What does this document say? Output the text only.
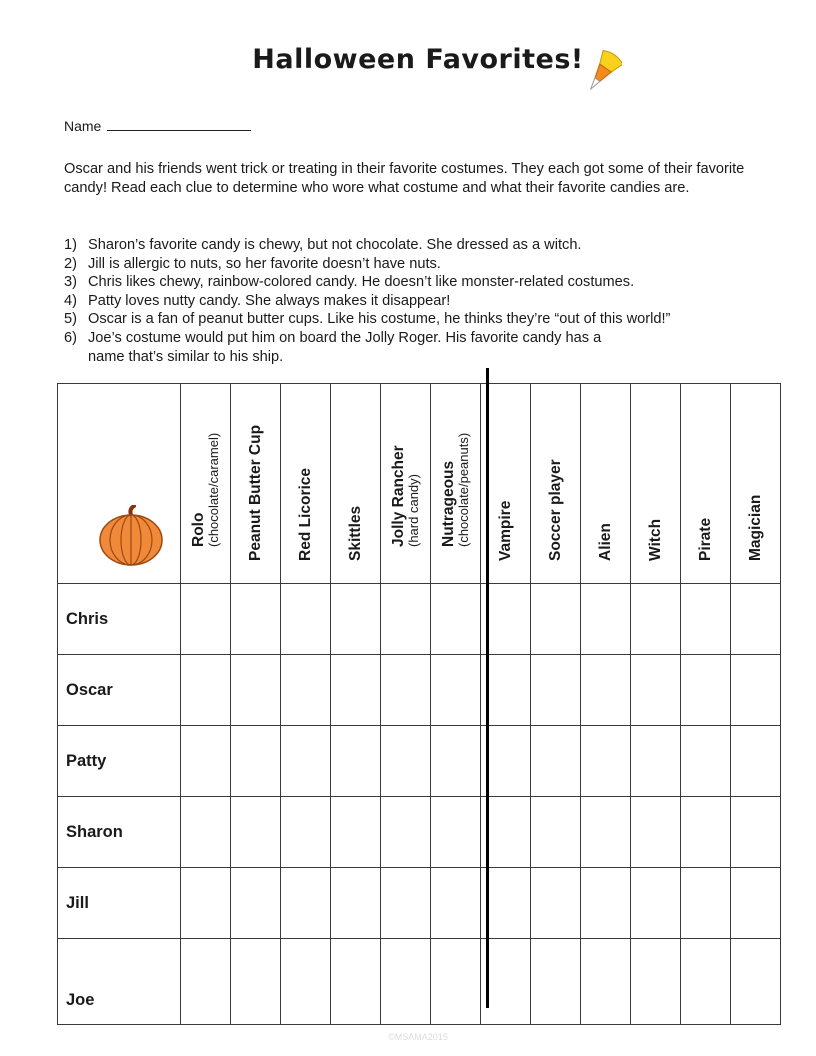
Halloween Favorites!
Name
Oscar and his friends went trick or treating in their favorite costumes. They each got some of their favorite candy! Read each clue to determine who wore what costume and what their favorite candies are.
1) Sharon’s favorite candy is chewy, but not chocolate. She dressed as a witch.
2) Jill is allergic to nuts, so her favorite doesn’t have nuts.
3) Chris likes chewy, rainbow-colored candy. He doesn’t like monster-related costumes.
4) Patty loves nutty candy. She always makes it disappear!
5) Oscar is a fan of peanut butter cups. Like his costume, he thinks they’re “out of this world!”
6) Joe’s costume would put him on board the Jolly Roger. His favorite candy has a
name that’s similar to his ship.

	Rolo (chocolate/caramel)	Peanut Butter Cup	Red Licorice	Skittles	Jolly Rancher (hard candy)	Nutrageous (chocolate/peanuts)	Vampire	Soccer player	Alien	Witch	Pirate	Magician

Chris												
Oscar												
Patty												
Sharon												
Jill												
Joe												
©MSAMA2015
